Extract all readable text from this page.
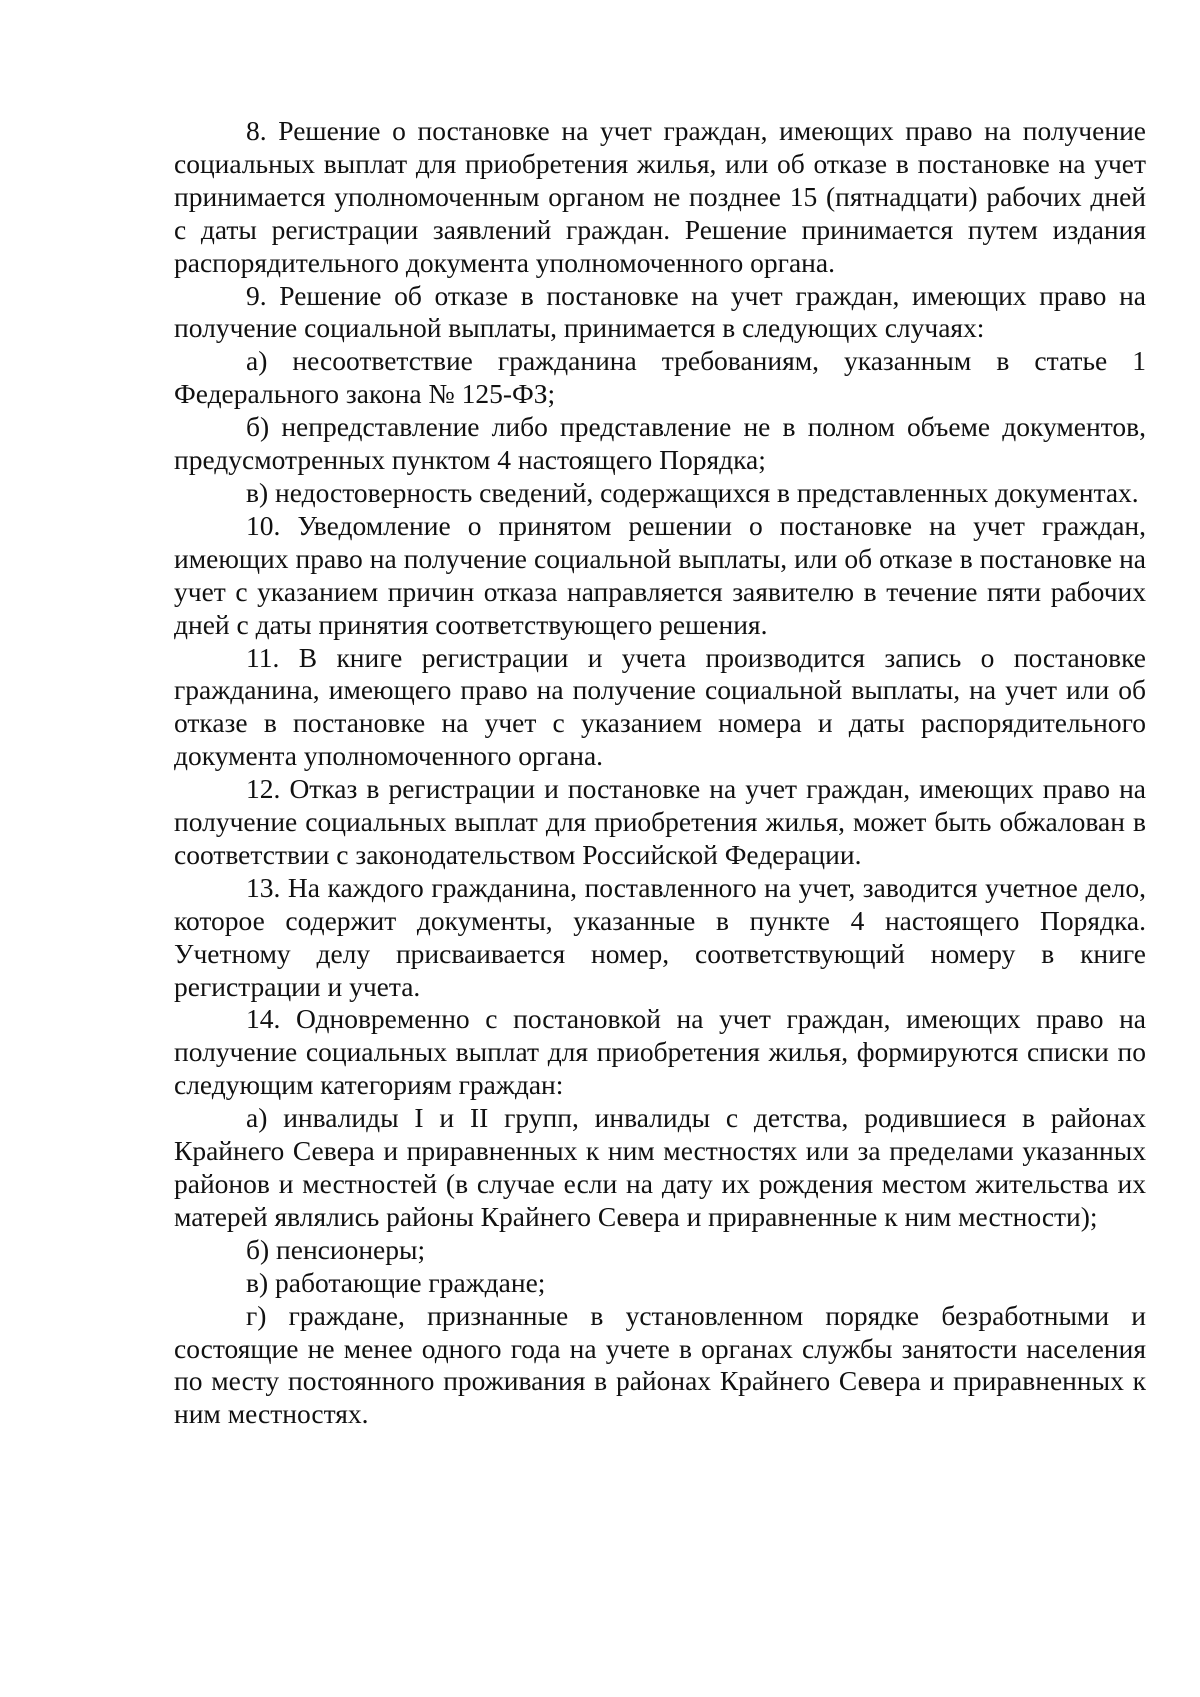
8. Решение о постановке на учет граждан, имеющих право на получение социальных выплат для приобретения жилья, или об отказе в постановке на учет принимается уполномоченным органом не позднее 15 (пятнадцати) рабочих дней с даты регистрации заявлений граждан. Решение принимается путем издания распорядительного документа уполномоченного органа.

9. Решение об отказе в постановке на учет граждан, имеющих право на получение социальной выплаты, принимается в следующих случаях:

а) несоответствие гражданина требованиям, указанным в статье 1 Федерального закона № 125-ФЗ;

б) непредставление либо представление не в полном объеме документов, предусмотренных пунктом 4 настоящего Порядка;

в) недостоверность сведений, содержащихся в представленных документах.

10. Уведомление о принятом решении о постановке на учет граждан, имеющих право на получение социальной выплаты, или об отказе в постановке на учет с указанием причин отказа направляется заявителю в течение пяти рабочих дней с даты принятия соответствующего решения.

11. В книге регистрации и учета производится запись о постановке гражданина, имеющего право на получение социальной выплаты, на учет или об отказе в постановке на учет с указанием номера и даты распорядительного документа уполномоченного органа.

12. Отказ в регистрации и постановке на учет граждан, имеющих право на получение социальных выплат для приобретения жилья, может быть обжалован в соответствии с законодательством Российской Федерации.

13. На каждого гражданина, поставленного на учет, заводится учетное дело, которое содержит документы, указанные в пункте 4 настоящего Порядка. Учетному делу присваивается номер, соответствующий номеру в книге регистрации и учета.

14. Одновременно с постановкой на учет граждан, имеющих право на получение социальных выплат для приобретения жилья, формируются списки по следующим категориям граждан:

а) инвалиды I и II групп, инвалиды с детства, родившиеся в районах Крайнего Севера и приравненных к ним местностях или за пределами указанных районов и местностей (в случае если на дату их рождения местом жительства их матерей являлись районы Крайнего Севера и приравненные к ним местности);

б) пенсионеры;

в) работающие граждане;

г) граждане, признанные в установленном порядке безработными и состоящие не менее одного года на учете в органах службы занятости населения по месту постоянного проживания в районах Крайнего Севера и приравненных к ним местностях.
